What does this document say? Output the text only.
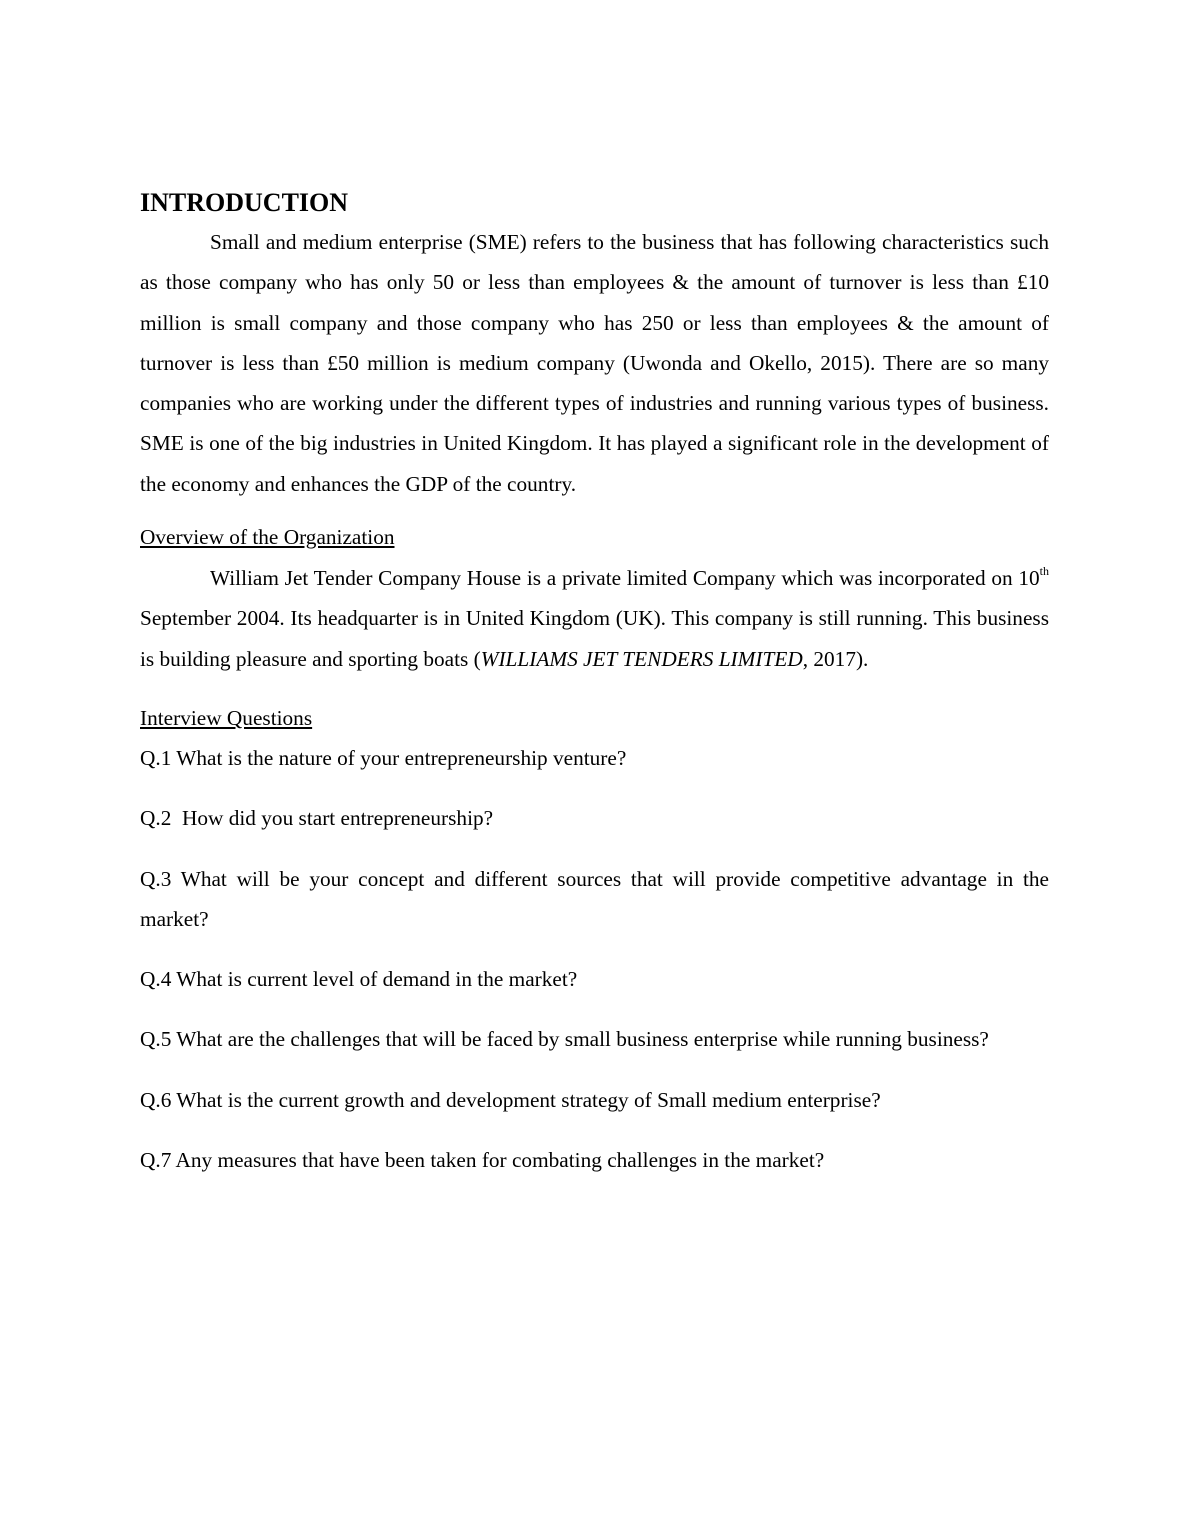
INTRODUCTION

Small and medium enterprise (SME) refers to the business that has following characteristics such as those company who has only 50 or less than employees & the amount of turnover is less than £10 million is small company and those company who has 250 or less than employees & the amount of turnover is less than £50 million is medium company (Uwonda and Okello, 2015). There are so many companies who are working under the different types of industries and running various types of business. SME is one of the big industries in United Kingdom. It has played a significant role in the development of the economy and enhances the GDP of the country.

Overview of the Organization

William Jet Tender Company House is a private limited Company which was incorporated on 10th September 2004. Its headquarter is in United Kingdom (UK). This company is still running. This business is building pleasure and sporting boats (WILLIAMS JET TENDERS LIMITED, 2017).

Interview Questions

Q.1 What is the nature of your entrepreneurship venture?

Q.2  How did you start entrepreneurship?

Q.3 What will be your concept and different sources that will provide competitive advantage in the market?

Q.4 What is current level of demand in the market?

Q.5 What are the challenges that will be faced by small business enterprise while running business?

Q.6 What is the current growth and development strategy of Small medium enterprise?

Q.7 Any measures that have been taken for combating challenges in the market?
